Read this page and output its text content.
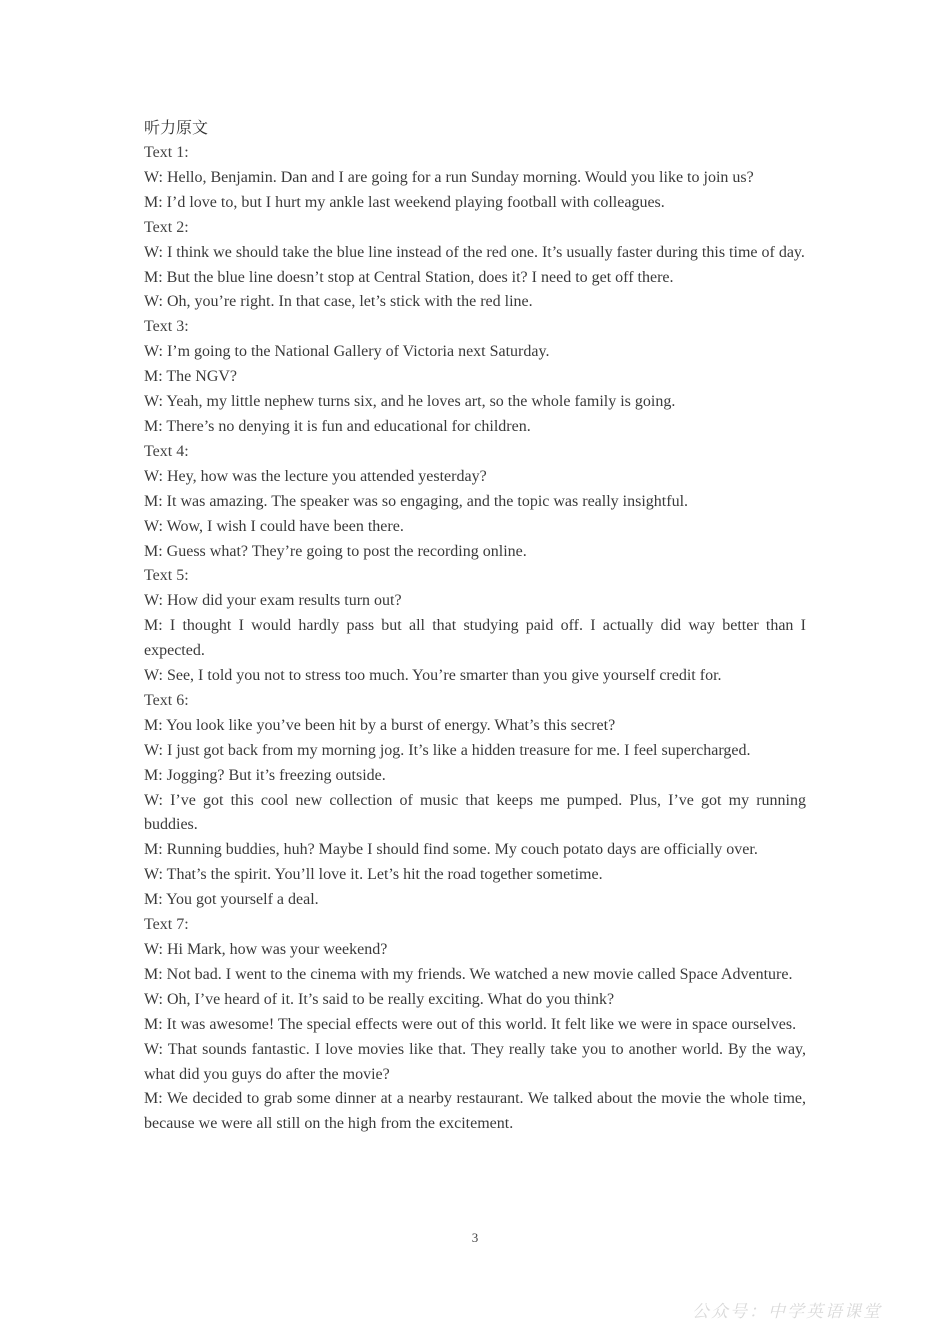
听力原文

Text 1:

W: Hello, Benjamin. Dan and I are going for a run Sunday morning. Would you like to join us?

M: I’d love to, but I hurt my ankle last weekend playing football with colleagues.

Text 2:

W: I think we should take the blue line instead of the red one. It’s usually faster during this time of day.

M: But the blue line doesn’t stop at Central Station, does it? I need to get off there.

W: Oh, you’re right. In that case, let’s stick with the red line.

Text 3:

W: I’m going to the National Gallery of Victoria next Saturday.

M: The NGV?

W: Yeah, my little nephew turns six, and he loves art, so the whole family is going.

M: There’s no denying it is fun and educational for children.

Text 4:

W: Hey, how was the lecture you attended yesterday?

M: It was amazing. The speaker was so engaging, and the topic was really insightful.

W: Wow, I wish I could have been there.

M: Guess what? They’re going to post the recording online.

Text 5:

W: How did your exam results turn out?

M: I thought I would hardly pass but all that studying paid off. I actually did way better than I expected.

W: See, I told you not to stress too much. You’re smarter than you give yourself credit for.

Text 6:

M: You look like you’ve been hit by a burst of energy. What’s this secret?

W: I just got back from my morning jog. It’s like a hidden treasure for me. I feel supercharged.

M: Jogging? But it’s freezing outside.

W: I’ve got this cool new collection of music that keeps me pumped. Plus, I’ve got my running buddies.

M: Running buddies, huh? Maybe I should find some. My couch potato days are officially over.

W: That’s the spirit. You’ll love it. Let’s hit the road together sometime.

M: You got yourself a deal.

Text 7:

W: Hi Mark, how was your weekend?

M: Not bad. I went to the cinema with my friends. We watched a new movie called Space Adventure.

W: Oh, I’ve heard of it. It’s said to be really exciting. What do you think?

M: It was awesome! The special effects were out of this world. It felt like we were in space ourselves.

W: That sounds fantastic. I love movies like that. They really take you to another world. By the way, what did you guys do after the movie?

M: We decided to grab some dinner at a nearby restaurant. We talked about the movie the whole time, because we were all still on the high from the excitement.

3
公众号：中学英语课堂
